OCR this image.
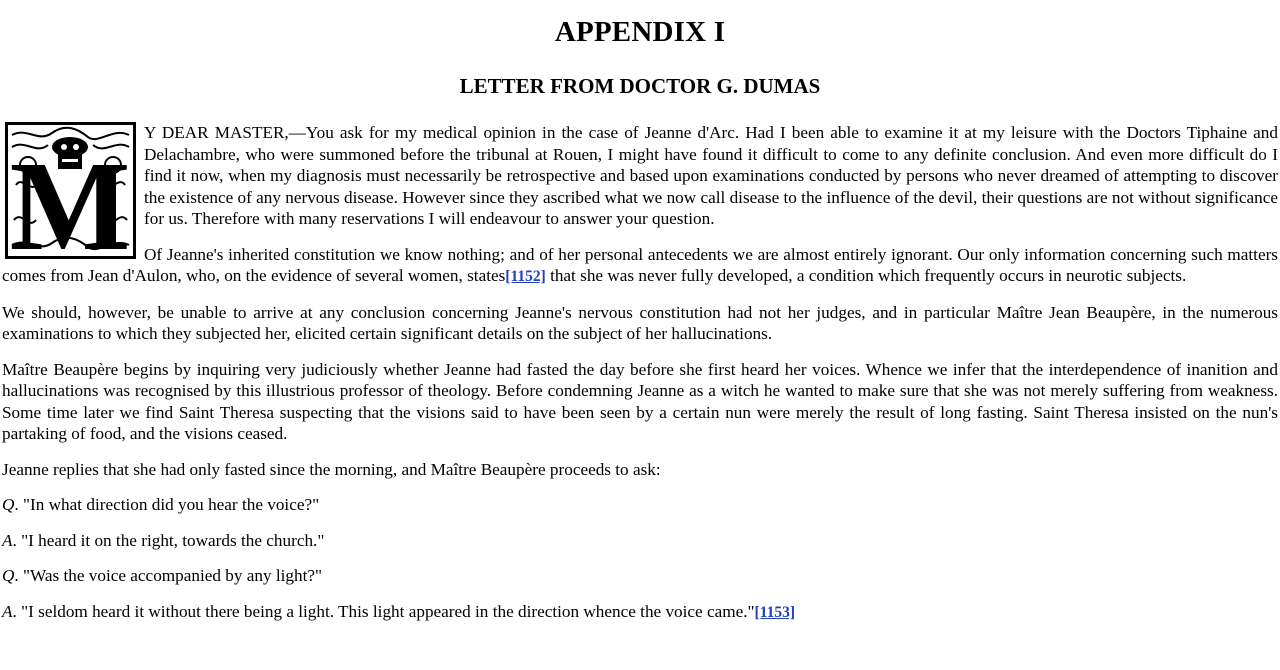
APPENDIX I
LETTER FROM DOCTOR G. DUMAS
M

Y DEAR MASTER,—You ask for my medical opinion in the case of Jeanne d'Arc. Had I been able to examine it at my leisure with the Doctors Tiphaine and Delachambre, who were summoned before the tribunal at Rouen, I might have found it difficult to come to any definite conclusion. And even more difficult do I find it now, when my diagnosis must necessarily be retrospective and based upon examinations conducted by persons who never dreamed of attempting to discover the existence of any nervous disease. However since they ascribed what we now call disease to the influence of the devil, their questions are not without significance for us. Therefore with many reservations I will endeavour to answer your question.

Of Jeanne's inherited constitution we know nothing; and of her personal antecedents we are almost entirely ignorant. Our only information concerning such matters comes from Jean d'Aulon, who, on the evidence of several women, states[1152] that she was never fully developed, a condition which frequently occurs in neurotic subjects.

We should, however, be unable to arrive at any conclusion concerning Jeanne's nervous constitution had not her judges, and in particular Maître Jean Beaupère, in the numerous examinations to which they subjected her, elicited certain significant details on the subject of her hallucinations.

Maître Beaupère begins by inquiring very judiciously whether Jeanne had fasted the day before she first heard her voices. Whence we infer that the interdependence of inanition and hallucinations was recognised by this illustrious professor of theology. Before condemning Jeanne as a witch he wanted to make sure that she was not merely suffering from weakness. Some time later we find Saint Theresa suspecting that the visions said to have been seen by a certain nun were merely the result of long fasting. Saint Theresa insisted on the nun's partaking of food, and the visions ceased.

Jeanne replies that she had only fasted since the morning, and Maître Beaupère proceeds to ask:

Q. "In what direction did you hear the voice?"

A. "I heard it on the right, towards the church."

Q. "Was the voice accompanied by any light?"

A. "I seldom heard it without there being a light. This light appeared in the direction whence the voice came."[1153]
